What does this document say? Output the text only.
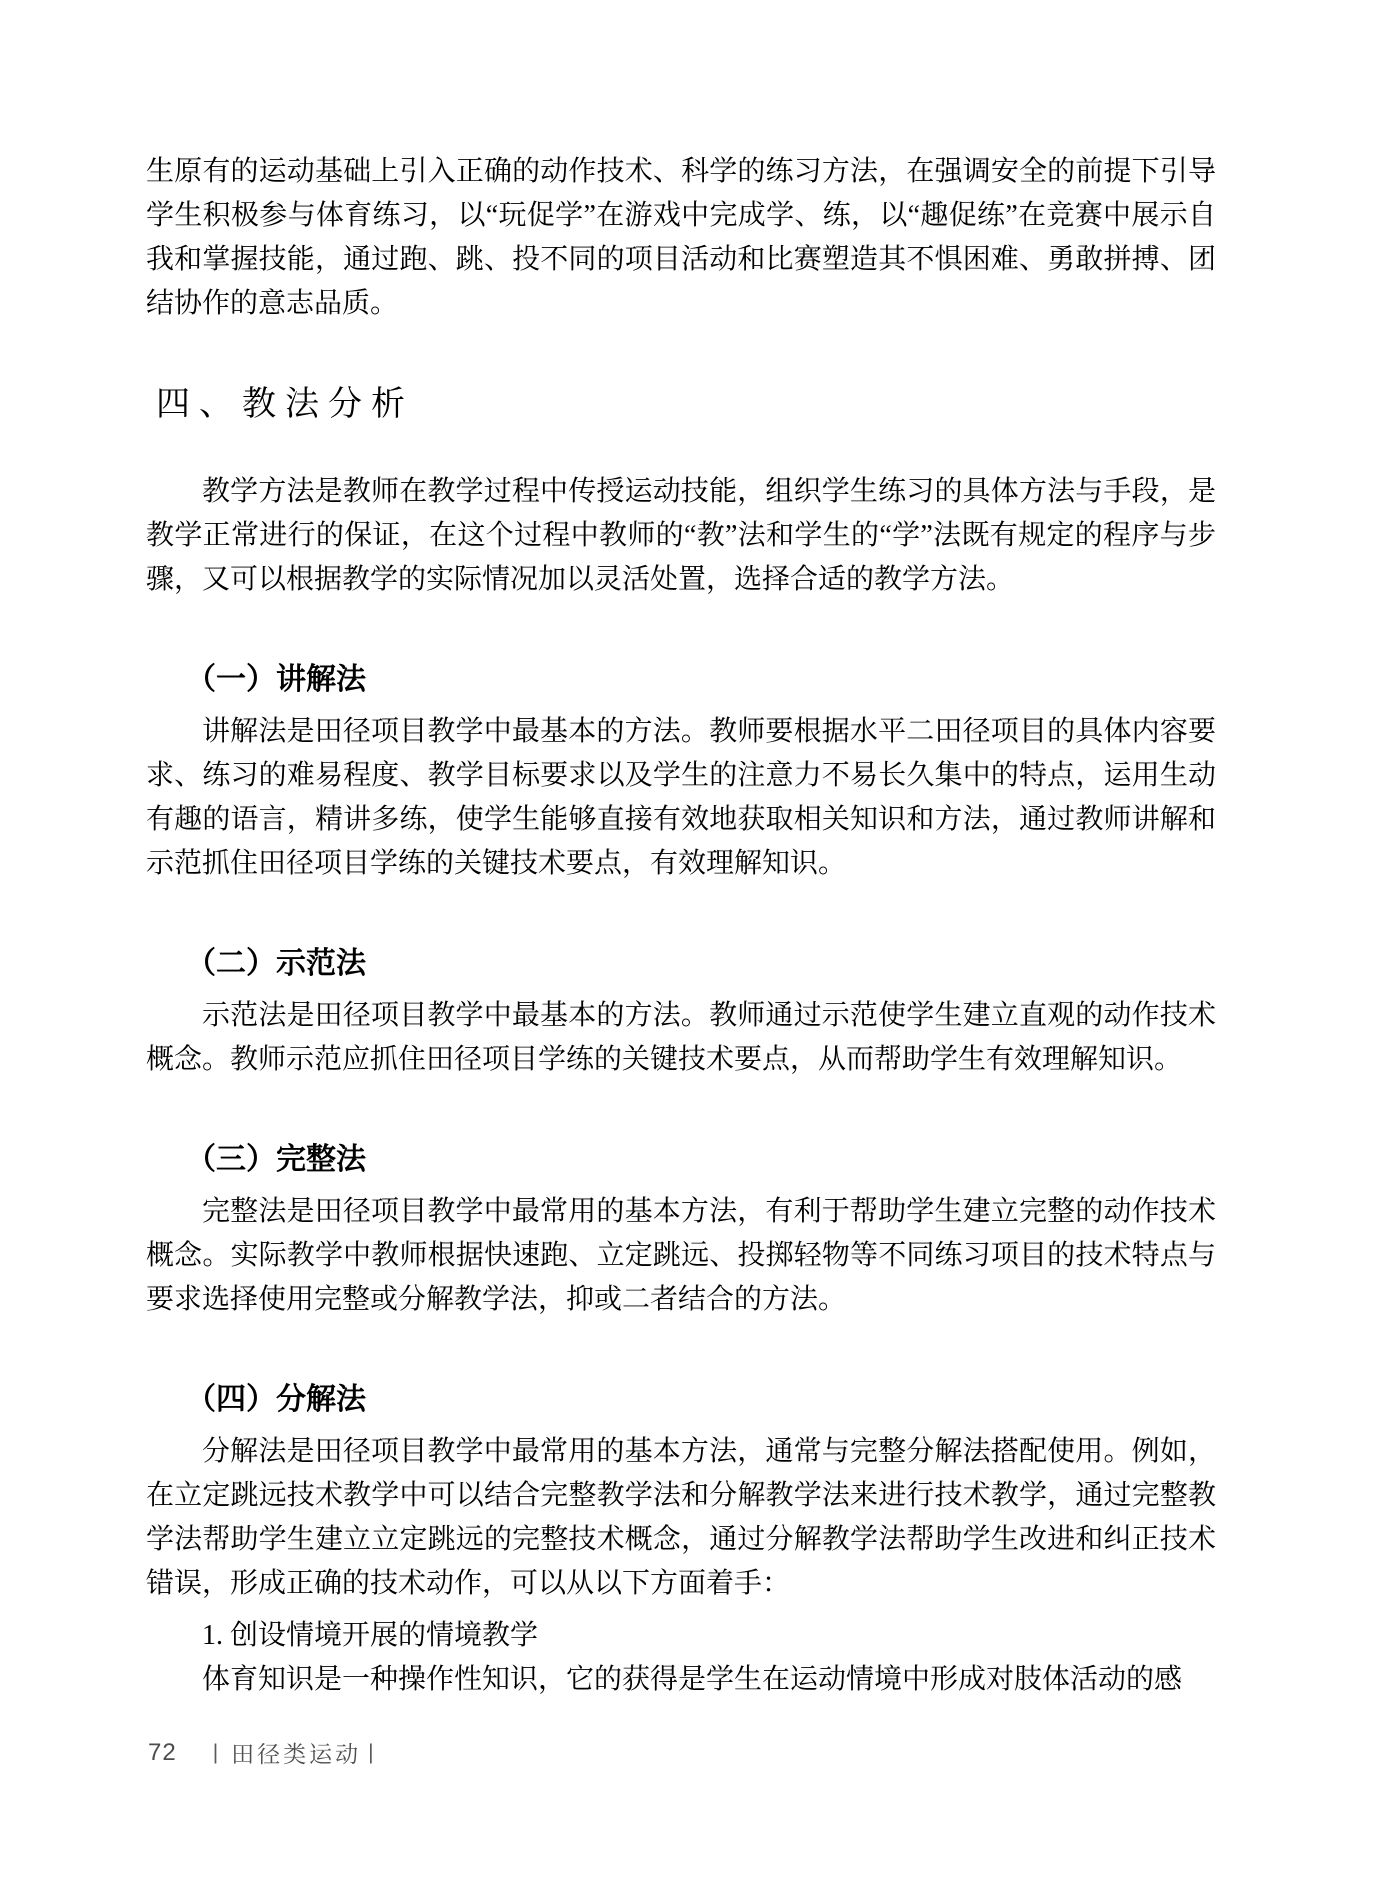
生原有的运动基础上引入正确的动作技术、科学的练习方法，在强调安全的前提下引导学生积极参与体育练习，以“玩促学”在游戏中完成学、练，以“趣促练”在竞赛中展示自我和掌握技能，通过跑、跳、投不同的项目活动和比赛塑造其不惧困难、勇敢拼搏、团结协作的意志品质。

四、教法分析

教学方法是教师在教学过程中传授运动技能，组织学生练习的具体方法与手段，是教学正常进行的保证，在这个过程中教师的“教”法和学生的“学”法既有规定的程序与步骤，又可以根据教学的实际情况加以灵活处置，选择合适的教学方法。

（一）讲解法

讲解法是田径项目教学中最基本的方法。教师要根据水平二田径项目的具体内容要求、练习的难易程度、教学目标要求以及学生的注意力不易长久集中的特点，运用生动有趣的语言，精讲多练，使学生能够直接有效地获取相关知识和方法，通过教师讲解和示范抓住田径项目学练的关键技术要点，有效理解知识。

（二）示范法

示范法是田径项目教学中最基本的方法。教师通过示范使学生建立直观的动作技术概念。教师示范应抓住田径项目学练的关键技术要点，从而帮助学生有效理解知识。

（三）完整法

完整法是田径项目教学中最常用的基本方法，有利于帮助学生建立完整的动作技术概念。实际教学中教师根据快速跑、立定跳远、投掷轻物等不同练习项目的技术特点与要求选择使用完整或分解教学法，抑或二者结合的方法。

（四）分解法

分解法是田径项目教学中最常用的基本方法，通常与完整分解法搭配使用。例如，在立定跳远技术教学中可以结合完整教学法和分解教学法来进行技术教学，通过完整教学法帮助学生建立立定跳远的完整技术概念，通过分解教学法帮助学生改进和纠正技术错误，形成正确的技术动作，可以从以下方面着手：

1. 创设情境开展的情境教学

体育知识是一种操作性知识，它的获得是学生在运动情境中形成对肢体活动的感

72 | 田径类运动 |
